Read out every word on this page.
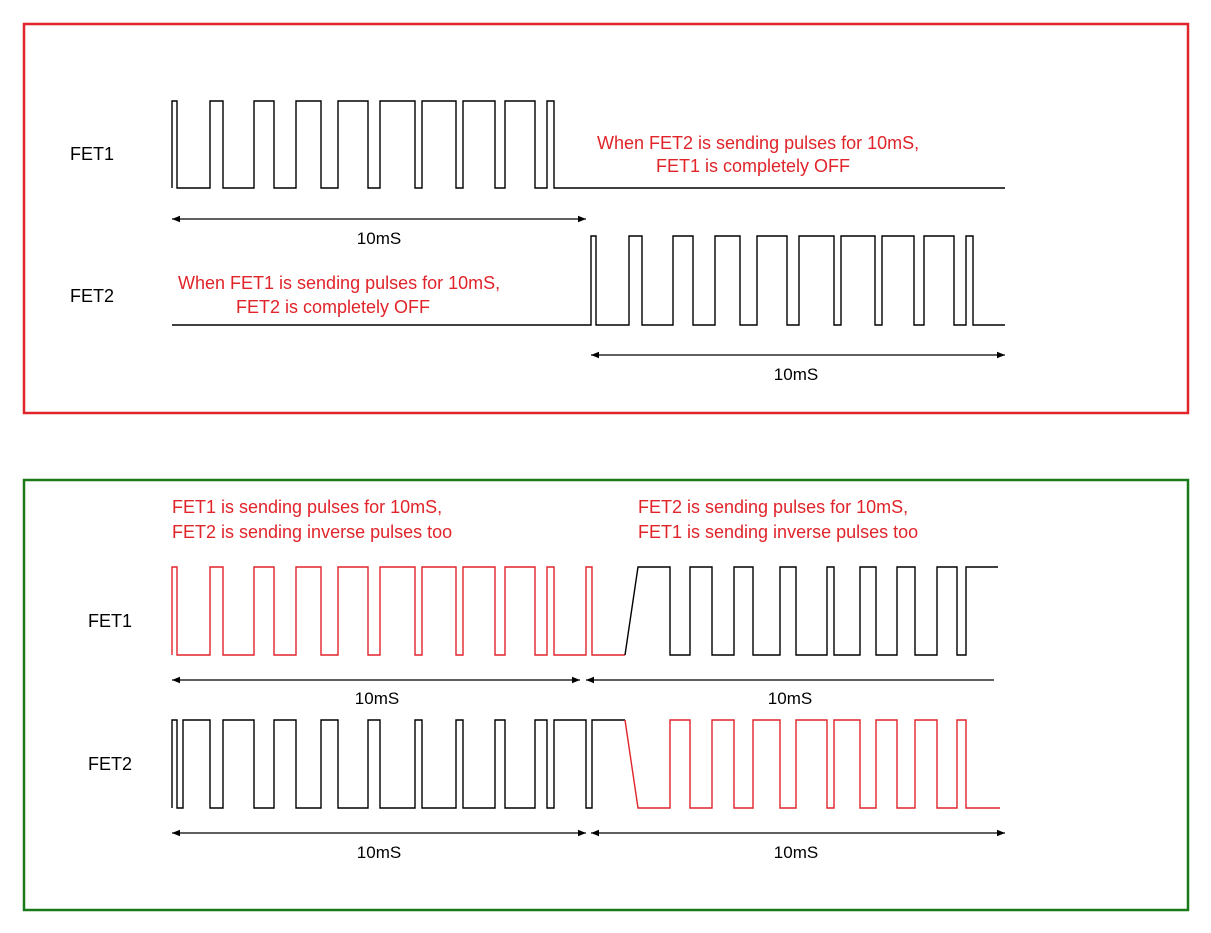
FET1
FET2
When FET2 is sending pulses for 10mS,
FET1 is completely OFF
When FET1 is sending pulses for 10mS,
FET2 is completely OFF
10mS
10mS
FET1 is sending pulses for 10mS,
FET2 is sending inverse pulses too
FET2 is sending pulses for 10mS,
FET1 is sending inverse pulses too
FET1
FET2
10mS	10mS
10mS	10mS
